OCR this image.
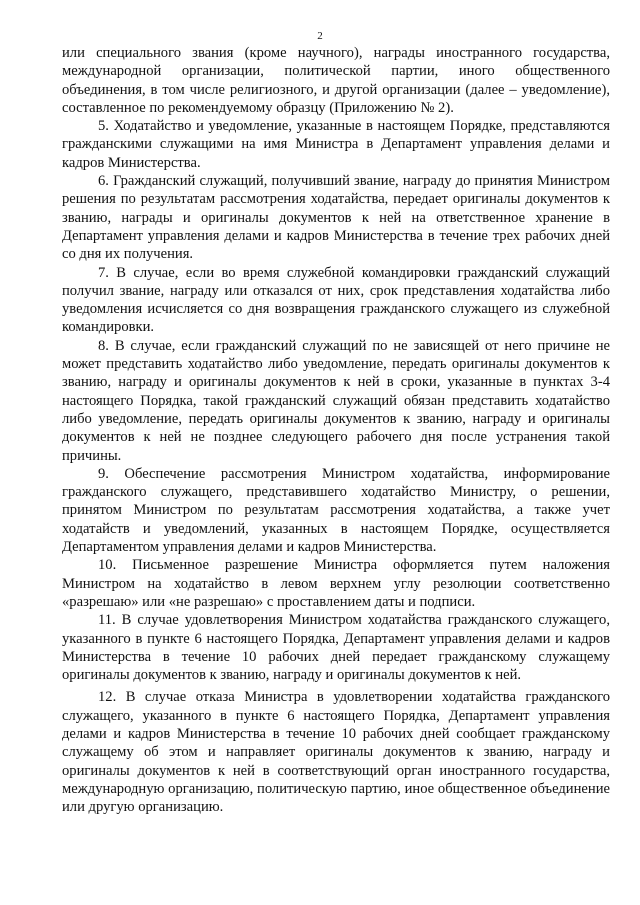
2

или специального звания (кроме научного), награды иностранного государства, международной организации, политической партии, иного общественного объединения, в том числе религиозного, и другой организации (далее – уведомление), составленное по рекомендуемому образцу (Приложению № 2).

5. Ходатайство и уведомление, указанные в настоящем Порядке, представляются гражданскими служащими на имя Министра в Департамент управления делами и кадров Министерства.

6. Гражданский служащий, получивший звание, награду до принятия Министром решения по результатам рассмотрения ходатайства, передает оригиналы документов к званию, награды и оригиналы документов к ней на ответственное хранение в Департамент управления делами и кадров Министерства в течение трех рабочих дней со дня их получения.

7. В случае, если во время служебной командировки гражданский служащий получил звание, награду или отказался от них, срок представления ходатайства либо уведомления исчисляется со дня возвращения гражданского служащего из служебной командировки.

8. В случае, если гражданский служащий по не зависящей от него причине не может представить ходатайство либо уведомление, передать оригиналы документов к званию, награду и оригиналы документов к ней в сроки, указанные в пунктах 3-4 настоящего Порядка, такой гражданский служащий обязан представить ходатайство либо уведомление, передать оригиналы документов к званию, награду и оригиналы документов к ней не позднее следующего рабочего дня после устранения такой причины.

9. Обеспечение рассмотрения Министром ходатайства, информирование гражданского служащего, представившего ходатайство Министру, о решении, принятом Министром по результатам рассмотрения ходатайства, а также учет ходатайств и уведомлений, указанных в настоящем Порядке, осуществляется Департаментом управления делами и кадров Министерства.

10. Письменное разрешение Министра оформляется путем наложения Министром на ходатайство в левом верхнем углу резолюции соответственно «разрешаю» или «не разрешаю» с проставлением даты и подписи.

11. В случае удовлетворения Министром ходатайства гражданского служащего, указанного в пункте 6 настоящего Порядка, Департамент управления делами и кадров Министерства в течение 10 рабочих дней передает гражданскому служащему оригиналы документов к званию, награду и оригиналы документов к ней.

12. В случае отказа Министра в удовлетворении ходатайства гражданского служащего, указанного в пункте 6 настоящего Порядка, Департамент управления делами и кадров Министерства в течение 10 рабочих дней сообщает гражданскому служащему об этом и направляет оригиналы документов к званию, награду и оригиналы документов к ней в соответствующий орган иностранного государства, международную организацию, политическую партию, иное общественное объединение или другую организацию.
